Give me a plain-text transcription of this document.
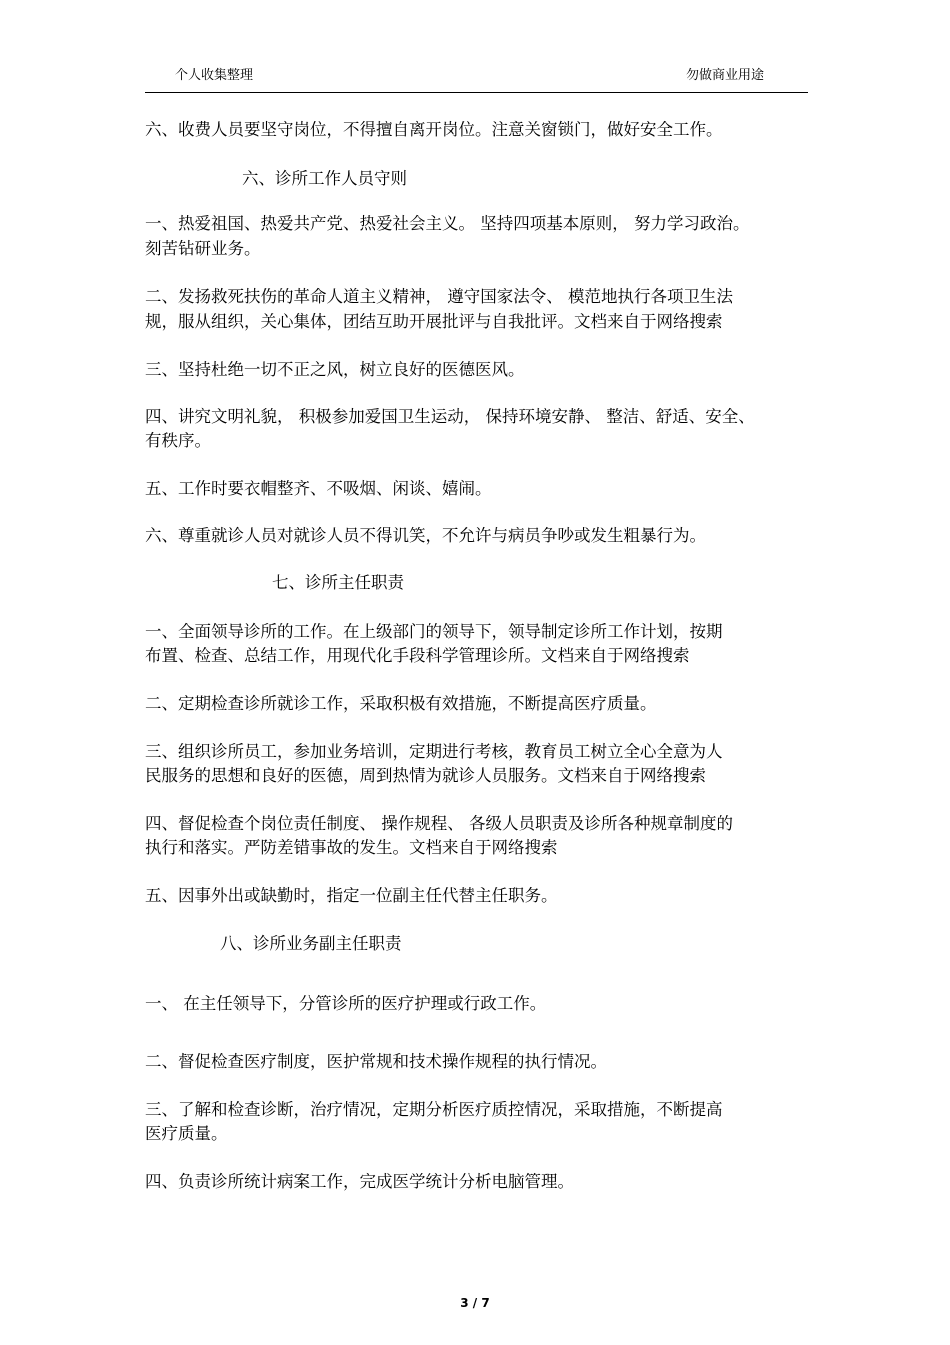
个人收集整理	勿做商业用途
六、收费人员要坚守岗位，不得擅自离开岗位。注意关窗锁门，做好安全工作。
六、诊所工作人员守则
一、热爱祖国、热爱共产党、热爱社会主义。 坚持四项基本原则， 努力学习政治。
刻苦钻研业务。
二、发扬救死扶伤的革命人道主义精神， 遵守国家法令、 模范地执行各项卫生法
规，服从组织，关心集体，团结互助开展批评与自我批评。文档来自于网络搜索
三、坚持杜绝一切不正之风，树立良好的医德医风。
四、讲究文明礼貌， 积极参加爱国卫生运动， 保持环境安静、 整洁、舒适、安全、
有秩序。
五、工作时要衣帽整齐、不吸烟、闲谈、嬉闹。
六、尊重就诊人员对就诊人员不得讥笑，不允许与病员争吵或发生粗暴行为。
七、诊所主任职责
一、全面领导诊所的工作。在上级部门的领导下，领导制定诊所工作计划，按期
布置、检查、总结工作，用现代化手段科学管理诊所。文档来自于网络搜索
二、定期检查诊所就诊工作，采取积极有效措施，不断提高医疗质量。
三、组织诊所员工，参加业务培训，定期进行考核，教育员工树立全心全意为人
民服务的思想和良好的医德，周到热情为就诊人员服务。文档来自于网络搜索
四、督促检查个岗位责任制度、 操作规程、 各级人员职责及诊所各种规章制度的
执行和落实。严防差错事故的发生。文档来自于网络搜索
五、因事外出或缺勤时，指定一位副主任代替主任职务。
八、诊所业务副主任职责
一、 在主任领导下，分管诊所的医疗护理或行政工作。
二、督促检查医疗制度，医护常规和技术操作规程的执行情况。
三、了解和检查诊断，治疗情况，定期分析医疗质控情况，采取措施，不断提高
医疗质量。
四、负责诊所统计病案工作，完成医学统计分析电脑管理。
3 / 7
